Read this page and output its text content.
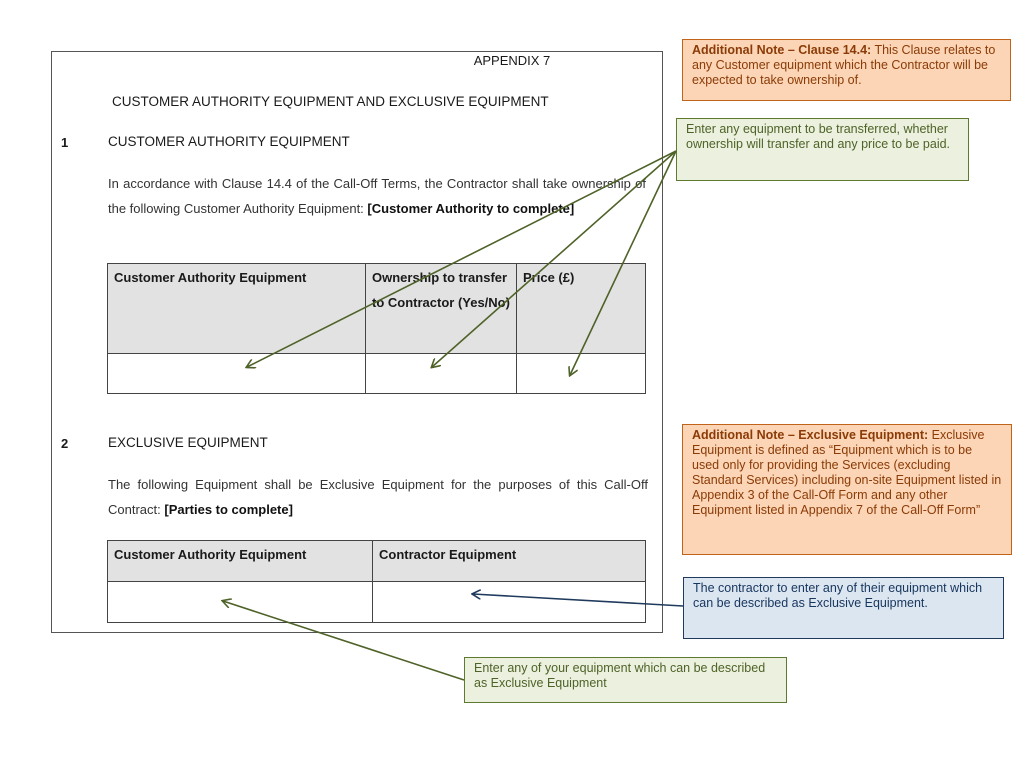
APPENDIX 7
CUSTOMER AUTHORITY EQUIPMENT AND EXCLUSIVE EQUIPMENT
1	CUSTOMER AUTHORITY EQUIPMENT
In accordance with Clause 14.4 of the Call-Off Terms, the Contractor shall take ownership of the following Customer Authority Equipment: [Customer Authority to complete]
Customer Authority Equipment	Ownership to transfer to Contractor (Yes/No)	Price (£)

2	EXCLUSIVE EQUIPMENT
The following Equipment shall be Exclusive Equipment for the purposes of this Call-Off Contract: [Parties to complete]
Customer Authority Equipment	Contractor Equipment

Additional Note – Clause 14.4: This Clause relates to any Customer equipment which the Contractor will be expected to take ownership of.
Enter any equipment to be transferred, whether ownership will transfer and any price to be paid.
Additional Note – Exclusive Equipment: Exclusive Equipment is defined as “Equipment which is to be used only for providing the Services (excluding Standard Services) including on-site Equipment listed in Appendix 3 of the Call-Off Form and any other Equipment listed in Appendix 7 of the Call-Off Form”
The contractor to enter any of their equipment which can be described as Exclusive Equipment.
Enter any of your equipment which can be described as Exclusive Equipment
